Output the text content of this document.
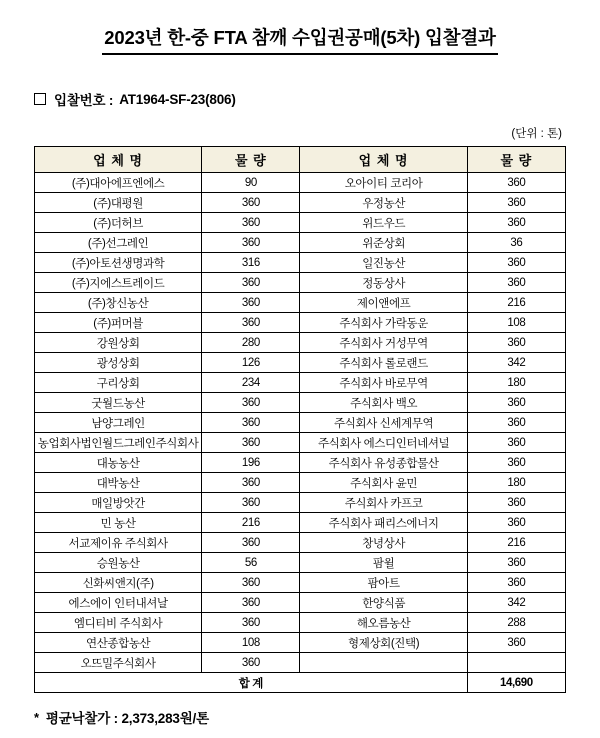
2023년 한-중 FTA 참깨 수입권공매(5차) 입찰결과
입찰번호 : AT1964-SF-23(806)
(단위 : 톤)
업 체 명	물 량	업 체 명	물 량
(주)대아에프엔에스	90	오아이티 코리아	360
(주)대평원	360	우정농산	360
(주)더허브	360	위드우드	360
(주)선그레인	360	위준상회	36
(주)아토션생명과학	316	일진농산	360
(주)지에스트레이드	360	정동상사	360
(주)창신농산	360	제이앤에프	216
(주)퍼머블	360	주식회사 가락동운	108
강원상회	280	주식회사 거성무역	360
광성상회	126	주식회사 롤로랜드	342
구리상회	234	주식회사 바로무역	180
굿월드농산	360	주식회사 백오	360
남양그레인	360	주식회사 신세계무역	360
농업회사법인월드그레인주식회사	360	주식회사 에스디인터네셔널	360
대농농산	196	주식회사 유성종합물산	360
대박농산	360	주식회사 윤민	180
매일방앗간	360	주식회사 카프코	360
민 농산	216	주식회사 패리스에너지	360
서교제이유 주식회사	360	창녕상사	216
승원농산	56	팜윌	360
신화씨앤지(주)	360	팜아트	360
에스에이 인터내셔날	360	한양식품	342
엠디티비 주식회사	360	해오름농산	288
연산종합농산	108	형제상회(진택)	360
오뜨밀주식회사	360		
합 계			14,690
* 평균낙찰가 : 2,373,283원/톤
